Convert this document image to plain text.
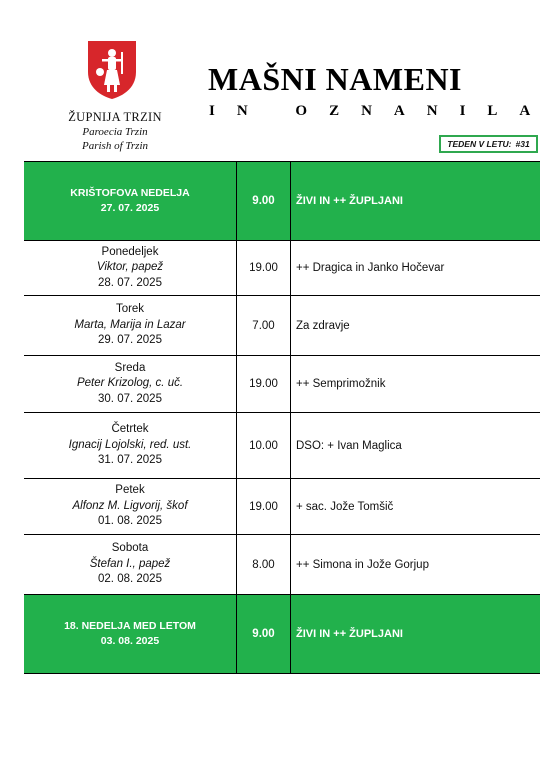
ŽUPNIJA TRZIN
Paroecia Trzin
Parish of Trzin
MAŠNI NAMENI
IN OZNANILA
TEDEN V LETU: #31
KRIŠTOFOVA NEDELJA
27. 07. 2025
9.00	ŽIVI IN ++ ŽUPLJANI
Ponedeljek
Viktor, papež
28. 07. 2025
19.00	++ Dragica in Janko Hočevar
Torek
Marta, Marija in Lazar
29. 07. 2025
7.00	Za zdravje
Sreda
Peter Krizolog, c. uč.
30. 07. 2025
19.00	++ Semprimožnik
Četrtek
Ignacij Lojolski, red. ust.
31. 07. 2025
10.00	DSO: + Ivan Maglica
Petek
Alfonz M. Ligvorij, škof
01. 08. 2025
19.00	+ sac. Jože Tomšič
Sobota
Štefan I., papež
02. 08. 2025
8.00	++ Simona in Jože Gorjup
18. NEDELJA MED LETOM
03. 08. 2025
9.00	ŽIVI IN ++ ŽUPLJANI
